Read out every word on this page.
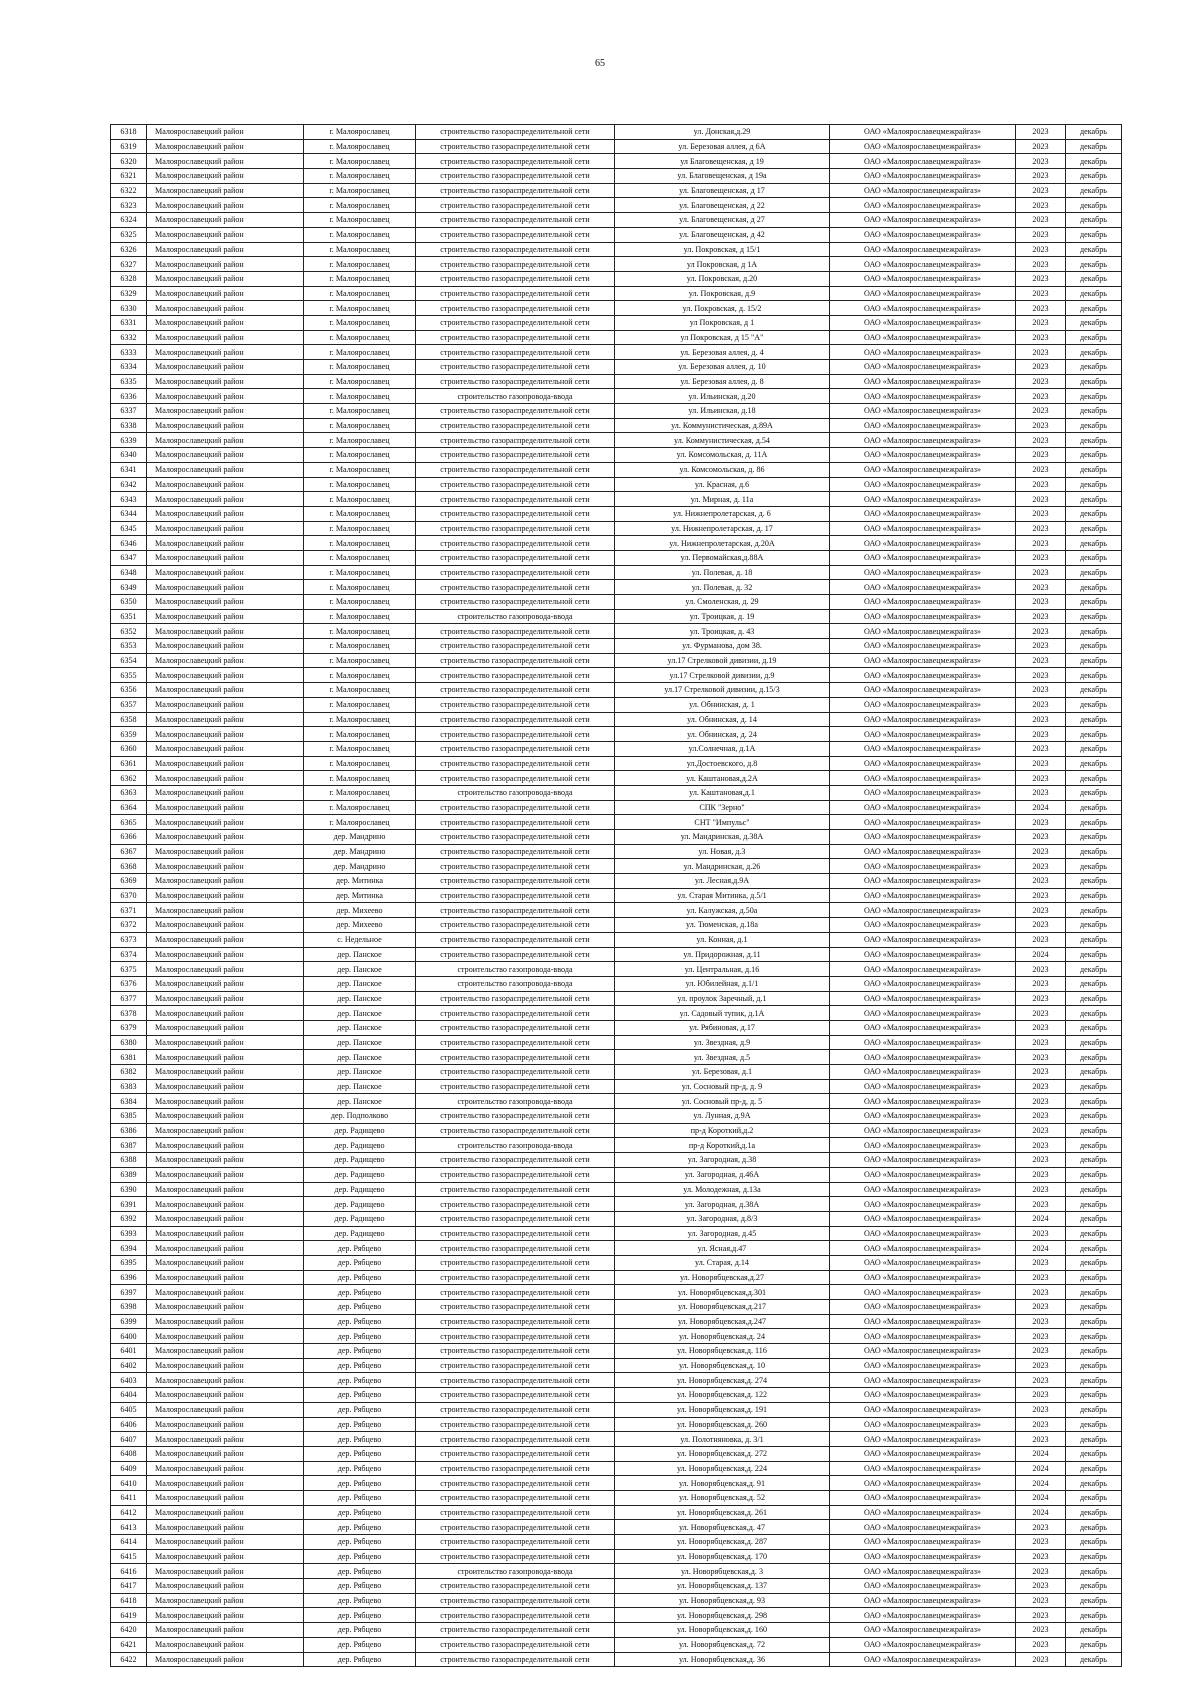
65
6318	Малоярославецкий район	г. Малоярославец	строительство газораспределительной сети	ул. Донская,д.29	ОАО «Малоярославецмежрайгаз»	2023	декабрь
6319	Малоярославецкий район	г. Малоярославец	строительство газораспределительной сети	ул. Березовая аллея, д 6А	ОАО «Малоярославецмежрайгаз»	2023	декабрь
6320	Малоярославецкий район	г. Малоярославец	строительство газораспределительной сети	ул Благовещенская, д 19	ОАО «Малоярославецмежрайгаз»	2023	декабрь
6321	Малоярославецкий район	г. Малоярославец	строительство газораспределительной сети	ул. Благовещенская, д 19а	ОАО «Малоярославецмежрайгаз»	2023	декабрь
6322	Малоярославецкий район	г. Малоярославец	строительство газораспределительной сети	ул. Благовещенская, д 17	ОАО «Малоярославецмежрайгаз»	2023	декабрь
6323	Малоярославецкий район	г. Малоярославец	строительство газораспределительной сети	ул. Благовещенская, д 22	ОАО «Малоярославецмежрайгаз»	2023	декабрь
6324	Малоярославецкий район	г. Малоярославец	строительство газораспределительной сети	ул. Благовещенская, д 27	ОАО «Малоярославецмежрайгаз»	2023	декабрь
6325	Малоярославецкий район	г. Малоярославец	строительство газораспределительной сети	ул. Благовещенская, д 42	ОАО «Малоярославецмежрайгаз»	2023	декабрь
6326	Малоярославецкий район	г. Малоярославец	строительство газораспределительной сети	ул. Покровская, д 15/1	ОАО «Малоярославецмежрайгаз»	2023	декабрь
6327	Малоярославецкий район	г. Малоярославец	строительство газораспределительной сети	ул Покровская, д 1А	ОАО «Малоярославецмежрайгаз»	2023	декабрь
6328	Малоярославецкий район	г. Малоярославец	строительство газораспределительной сети	ул. Покровская, д.20	ОАО «Малоярославецмежрайгаз»	2023	декабрь
6329	Малоярославецкий район	г. Малоярославец	строительство газораспределительной сети	ул. Покровская, д.9	ОАО «Малоярославецмежрайгаз»	2023	декабрь
6330	Малоярославецкий район	г. Малоярославец	строительство газораспределительной сети	ул. Покровская, д. 15/2	ОАО «Малоярославецмежрайгаз»	2023	декабрь
6331	Малоярославецкий район	г. Малоярославец	строительство газораспределительной сети	ул Покровская, д 1	ОАО «Малоярославецмежрайгаз»	2023	декабрь
6332	Малоярославецкий район	г. Малоярославец	строительство газораспределительной сети	ул Покровская, д 15 "А"	ОАО «Малоярославецмежрайгаз»	2023	декабрь
6333	Малоярославецкий район	г. Малоярославец	строительство газораспределительной сети	ул. Березовая аллея, д. 4	ОАО «Малоярославецмежрайгаз»	2023	декабрь
6334	Малоярославецкий район	г. Малоярославец	строительство газораспределительной сети	ул. Березовая аллея, д. 10	ОАО «Малоярославецмежрайгаз»	2023	декабрь
6335	Малоярославецкий район	г. Малоярославец	строительство газораспределительной сети	ул. Березовая аллея, д. 8	ОАО «Малоярославецмежрайгаз»	2023	декабрь
6336	Малоярославецкий район	г. Малоярославец	строительство газопровода-ввода	ул. Ильинская, д.20	ОАО «Малоярославецмежрайгаз»	2023	декабрь
6337	Малоярославецкий район	г. Малоярославец	строительство газораспределительной сети	ул. Ильинская, д.18	ОАО «Малоярославецмежрайгаз»	2023	декабрь
6338	Малоярославецкий район	г. Малоярославец	строительство газораспределительной сети	ул. Коммунистическая, д.89А	ОАО «Малоярославецмежрайгаз»	2023	декабрь
6339	Малоярославецкий район	г. Малоярославец	строительство газораспределительной сети	ул. Коммунистическая, д.54	ОАО «Малоярославецмежрайгаз»	2023	декабрь
6340	Малоярославецкий район	г. Малоярославец	строительство газораспределительной сети	ул. Комсомольская, д. 11А	ОАО «Малоярославецмежрайгаз»	2023	декабрь
6341	Малоярославецкий район	г. Малоярославец	строительство газораспределительной сети	ул. Комсомольская, д. 86	ОАО «Малоярославецмежрайгаз»	2023	декабрь
6342	Малоярославецкий район	г. Малоярославец	строительство газораспределительной сети	ул. Красная, д.6	ОАО «Малоярославецмежрайгаз»	2023	декабрь
6343	Малоярославецкий район	г. Малоярославец	строительство газораспределительной сети	ул. Мирная, д. 11а	ОАО «Малоярославецмежрайгаз»	2023	декабрь
6344	Малоярославецкий район	г. Малоярославец	строительство газораспределительной сети	ул. Нижнепролетарская, д. 6	ОАО «Малоярославецмежрайгаз»	2023	декабрь
6345	Малоярославецкий район	г. Малоярославец	строительство газораспределительной сети	ул. Нижнепролетарская, д. 17	ОАО «Малоярославецмежрайгаз»	2023	декабрь
6346	Малоярославецкий район	г. Малоярославец	строительство газораспределительной сети	ул. Нижнепролетарская, д.20А	ОАО «Малоярославецмежрайгаз»	2023	декабрь
6347	Малоярославецкий район	г. Малоярославец	строительство газораспределительной сети	ул. Первомайская,д.88А	ОАО «Малоярославецмежрайгаз»	2023	декабрь
6348	Малоярославецкий район	г. Малоярославец	строительство газораспределительной сети	ул. Полевая, д. 18	ОАО «Малоярославецмежрайгаз»	2023	декабрь
6349	Малоярославецкий район	г. Малоярославец	строительство газораспределительной сети	ул. Полевая, д. 32	ОАО «Малоярославецмежрайгаз»	2023	декабрь
6350	Малоярославецкий район	г. Малоярославец	строительство газораспределительной сети	ул. Смоленская, д. 29	ОАО «Малоярославецмежрайгаз»	2023	декабрь
6351	Малоярославецкий район	г. Малоярославец	строительство газопровода-ввода	ул. Троицкая, д. 19	ОАО «Малоярославецмежрайгаз»	2023	декабрь
6352	Малоярославецкий район	г. Малоярославец	строительство газораспределительной сети	ул. Троицкая, д. 43	ОАО «Малоярославецмежрайгаз»	2023	декабрь
6353	Малоярославецкий район	г. Малоярославец	строительство газораспределительной сети	ул. Фурманова, дом 38.	ОАО «Малоярославецмежрайгаз»	2023	декабрь
6354	Малоярославецкий район	г. Малоярославец	строительство газораспределительной сети	ул.17 Стрелковой дивизии, д.19	ОАО «Малоярославецмежрайгаз»	2023	декабрь
6355	Малоярославецкий район	г. Малоярославец	строительство газораспределительной сети	ул.17 Стрелковой дивизии, д.9	ОАО «Малоярославецмежрайгаз»	2023	декабрь
6356	Малоярославецкий район	г. Малоярославец	строительство газораспределительной сети	ул.17 Стрелковой дивизии, д.15/3	ОАО «Малоярославецмежрайгаз»	2023	декабрь
6357	Малоярославецкий район	г. Малоярославец	строительство газораспределительной сети	ул. Обнинская, д. 1	ОАО «Малоярославецмежрайгаз»	2023	декабрь
6358	Малоярославецкий район	г. Малоярославец	строительство газораспределительной сети	ул. Обнинская, д. 14	ОАО «Малоярославецмежрайгаз»	2023	декабрь
6359	Малоярославецкий район	г. Малоярославец	строительство газораспределительной сети	ул. Обнинская, д. 24	ОАО «Малоярославецмежрайгаз»	2023	декабрь
6360	Малоярославецкий район	г. Малоярославец	строительство газораспределительной сети	ул.Солнечная, д.1А	ОАО «Малоярославецмежрайгаз»	2023	декабрь
6361	Малоярославецкий район	г. Малоярославец	строительство газораспределительной сети	ул.Достоевского, д.8	ОАО «Малоярославецмежрайгаз»	2023	декабрь
6362	Малоярославецкий район	г. Малоярославец	строительство газораспределительной сети	ул. Каштановая,д.2А	ОАО «Малоярославецмежрайгаз»	2023	декабрь
6363	Малоярославецкий район	г. Малоярославец	строительство газопровода-ввода	ул. Каштановая,д.1	ОАО «Малоярославецмежрайгаз»	2023	декабрь
6364	Малоярославецкий район	г. Малоярославец	строительство газораспределительной сети	СПК "Зерно"	ОАО «Малоярославецмежрайгаз»	2024	декабрь
6365	Малоярославецкий район	г. Малоярославец	строительство газораспределительной сети	СНТ "Импульс"	ОАО «Малоярославецмежрайгаз»	2023	декабрь
6366	Малоярославецкий район	дер. Мандрино	строительство газораспределительной сети	ул. Мандринская, д.38А	ОАО «Малоярославецмежрайгаз»	2023	декабрь
6367	Малоярославецкий район	дер. Мандрино	строительство газораспределительной сети	ул. Новая, д.3	ОАО «Малоярославецмежрайгаз»	2023	декабрь
6368	Малоярославецкий район	дер. Мандрино	строительство газораспределительной сети	ул. Мандринская, д.26	ОАО «Малоярославецмежрайгаз»	2023	декабрь
6369	Малоярославецкий район	дер. Митинка	строительство газораспределительной сети	ул. Лесная,д.9А	ОАО «Малоярославецмежрайгаз»	2023	декабрь
6370	Малоярославецкий район	дер. Митинка	строительство газораспределительной сети	ул. Старая Митинка, д.5/1	ОАО «Малоярославецмежрайгаз»	2023	декабрь
6371	Малоярославецкий район	дер. Михеево	строительство газораспределительной сети	ул. Калужская, д.50а	ОАО «Малоярославецмежрайгаз»	2023	декабрь
6372	Малоярославецкий район	дер. Михеево	строительство газораспределительной сети	ул. Тюменская, д.18а	ОАО «Малоярославецмежрайгаз»	2023	декабрь
6373	Малоярославецкий район	с. Недельное	строительство газораспределительной сети	ул. Конная, д.1	ОАО «Малоярославецмежрайгаз»	2023	декабрь
6374	Малоярославецкий район	дер. Панское	строительство газораспределительной сети	ул. Придорожная, д.11	ОАО «Малоярославецмежрайгаз»	2024	декабрь
6375	Малоярославецкий район	дер. Панское	строительство газопровода-ввода	ул. Центральная, д.16	ОАО «Малоярославецмежрайгаз»	2023	декабрь
6376	Малоярославецкий район	дер. Панское	строительство газопровода-ввода	ул. Юбилейная, д.1/1	ОАО «Малоярославецмежрайгаз»	2023	декабрь
6377	Малоярославецкий район	дер. Панское	строительство газораспределительной сети	ул. проулок Заречный, д.1	ОАО «Малоярославецмежрайгаз»	2023	декабрь
6378	Малоярославецкий район	дер. Панское	строительство газораспределительной сети	ул. Садовый тупик, д.1А	ОАО «Малоярославецмежрайгаз»	2023	декабрь
6379	Малоярославецкий район	дер. Панское	строительство газораспределительной сети	ул. Рябиновая, д.17	ОАО «Малоярославецмежрайгаз»	2023	декабрь
6380	Малоярославецкий район	дер. Панское	строительство газораспределительной сети	ул. Звездная, д.9	ОАО «Малоярославецмежрайгаз»	2023	декабрь
6381	Малоярославецкий район	дер. Панское	строительство газораспределительной сети	ул. Звездная, д.5	ОАО «Малоярославецмежрайгаз»	2023	декабрь
6382	Малоярославецкий район	дер. Панское	строительство газораспределительной сети	ул. Березовая, д.1	ОАО «Малоярославецмежрайгаз»	2023	декабрь
6383	Малоярославецкий район	дер. Панское	строительство газораспределительной сети	ул. Сосновый пр-д, д. 9	ОАО «Малоярославецмежрайгаз»	2023	декабрь
6384	Малоярославецкий район	дер. Панское	строительство газопровода-ввода	ул. Сосновый пр-д, д. 5	ОАО «Малоярославецмежрайгаз»	2023	декабрь
6385	Малоярославецкий район	дер. Подполково	строительство газораспределительной сети	ул. Лунная, д.9А	ОАО «Малоярославецмежрайгаз»	2023	декабрь
6386	Малоярославецкий район	дер. Радищево	строительство газораспределительной сети	пр-д Короткий,д.2	ОАО «Малоярославецмежрайгаз»	2023	декабрь
6387	Малоярославецкий район	дер. Радищево	строительство газопровода-ввода	пр-д Короткий,д.1а	ОАО «Малоярославецмежрайгаз»	2023	декабрь
6388	Малоярославецкий район	дер. Радищево	строительство газораспределительной сети	ул. Загородная, д.38	ОАО «Малоярославецмежрайгаз»	2023	декабрь
6389	Малоярославецкий район	дер. Радищево	строительство газораспределительной сети	ул. Загородная, д.46А	ОАО «Малоярославецмежрайгаз»	2023	декабрь
6390	Малоярославецкий район	дер. Радищево	строительство газораспределительной сети	ул. Молодежная, д.13а	ОАО «Малоярославецмежрайгаз»	2023	декабрь
6391	Малоярославецкий район	дер. Радищево	строительство газораспределительной сети	ул. Загородная, д.38А	ОАО «Малоярославецмежрайгаз»	2023	декабрь
6392	Малоярославецкий район	дер. Радищево	строительство газораспределительной сети	ул. Загородная, д.8/3	ОАО «Малоярославецмежрайгаз»	2024	декабрь
6393	Малоярославецкий район	дер. Радищево	строительство газораспределительной сети	ул. Загородная, д.45	ОАО «Малоярославецмежрайгаз»	2023	декабрь
6394	Малоярославецкий район	дер. Рябцево	строительство газораспределительной сети	ул. Ясная,д.47	ОАО «Малоярославецмежрайгаз»	2024	декабрь
6395	Малоярославецкий район	дер. Рябцево	строительство газораспределительной сети	ул. Старая, д.14	ОАО «Малоярославецмежрайгаз»	2023	декабрь
6396	Малоярославецкий район	дер. Рябцево	строительство газораспределительной сети	ул. Новорябцевская,д.27	ОАО «Малоярославецмежрайгаз»	2023	декабрь
6397	Малоярославецкий район	дер. Рябцево	строительство газораспределительной сети	ул. Новорябцевская,д.301	ОАО «Малоярославецмежрайгаз»	2023	декабрь
6398	Малоярославецкий район	дер. Рябцево	строительство газораспределительной сети	ул. Новорябцевская,д.217	ОАО «Малоярославецмежрайгаз»	2023	декабрь
6399	Малоярославецкий район	дер. Рябцево	строительство газораспределительной сети	ул. Новорябцевская,д.247	ОАО «Малоярославецмежрайгаз»	2023	декабрь
6400	Малоярославецкий район	дер. Рябцево	строительство газораспределительной сети	ул. Новорябцевская,д. 24	ОАО «Малоярославецмежрайгаз»	2023	декабрь
6401	Малоярославецкий район	дер. Рябцево	строительство газораспределительной сети	ул. Новорябцевская,д. 116	ОАО «Малоярославецмежрайгаз»	2023	декабрь
6402	Малоярославецкий район	дер. Рябцево	строительство газораспределительной сети	ул. Новорябцевская,д. 10	ОАО «Малоярославецмежрайгаз»	2023	декабрь
6403	Малоярославецкий район	дер. Рябцево	строительство газораспределительной сети	ул. Новорябцевская,д. 274	ОАО «Малоярославецмежрайгаз»	2023	декабрь
6404	Малоярославецкий район	дер. Рябцево	строительство газораспределительной сети	ул. Новорябцевская,д. 122	ОАО «Малоярославецмежрайгаз»	2023	декабрь
6405	Малоярославецкий район	дер. Рябцево	строительство газораспределительной сети	ул. Новорябцевская,д. 191	ОАО «Малоярославецмежрайгаз»	2023	декабрь
6406	Малоярославецкий район	дер. Рябцево	строительство газораспределительной сети	ул. Новорябцевская,д. 260	ОАО «Малоярославецмежрайгаз»	2023	декабрь
6407	Малоярославецкий район	дер. Рябцево	строительство газораспределительной сети	ул. Полотняновка, д. 3/1	ОАО «Малоярославецмежрайгаз»	2023	декабрь
6408	Малоярославецкий район	дер. Рябцево	строительство газораспределительной сети	ул. Новорябцевская,д. 272	ОАО «Малоярославецмежрайгаз»	2024	декабрь
6409	Малоярославецкий район	дер. Рябцево	строительство газораспределительной сети	ул. Новорябцевская,д. 224	ОАО «Малоярославецмежрайгаз»	2024	декабрь
6410	Малоярославецкий район	дер. Рябцево	строительство газораспределительной сети	ул. Новорябцевская,д. 91	ОАО «Малоярославецмежрайгаз»	2024	декабрь
6411	Малоярославецкий район	дер. Рябцево	строительство газораспределительной сети	ул. Новорябцевская,д. 52	ОАО «Малоярославецмежрайгаз»	2024	декабрь
6412	Малоярославецкий район	дер. Рябцево	строительство газораспределительной сети	ул. Новорябцевская,д. 261	ОАО «Малоярославецмежрайгаз»	2024	декабрь
6413	Малоярославецкий район	дер. Рябцево	строительство газораспределительной сети	ул. Новорябцевская,д. 47	ОАО «Малоярославецмежрайгаз»	2023	декабрь
6414	Малоярославецкий район	дер. Рябцево	строительство газораспределительной сети	ул. Новорябцевская,д. 287	ОАО «Малоярославецмежрайгаз»	2023	декабрь
6415	Малоярославецкий район	дер. Рябцево	строительство газораспределительной сети	ул. Новорябцевская,д. 170	ОАО «Малоярославецмежрайгаз»	2023	декабрь
6416	Малоярославецкий район	дер. Рябцево	строительство газопровода-ввода	ул. Новорябцевская,д. 3	ОАО «Малоярославецмежрайгаз»	2023	декабрь
6417	Малоярославецкий район	дер. Рябцево	строительство газораспределительной сети	ул. Новорябцевская,д. 137	ОАО «Малоярославецмежрайгаз»	2023	декабрь
6418	Малоярославецкий район	дер. Рябцево	строительство газораспределительной сети	ул. Новорябцевская,д. 93	ОАО «Малоярославецмежрайгаз»	2023	декабрь
6419	Малоярославецкий район	дер. Рябцево	строительство газораспределительной сети	ул. Новорябцевская,д. 298	ОАО «Малоярославецмежрайгаз»	2023	декабрь
6420	Малоярославецкий район	дер. Рябцево	строительство газораспределительной сети	ул. Новорябцевская,д. 160	ОАО «Малоярославецмежрайгаз»	2023	декабрь
6421	Малоярославецкий район	дер. Рябцево	строительство газораспределительной сети	ул. Новорябцевская,д. 72	ОАО «Малоярославецмежрайгаз»	2023	декабрь
6422	Малоярославецкий район	дер. Рябцево	строительство газораспределительной сети	ул. Новорябцевская,д. 36	ОАО «Малоярославецмежрайгаз»	2023	декабрь
